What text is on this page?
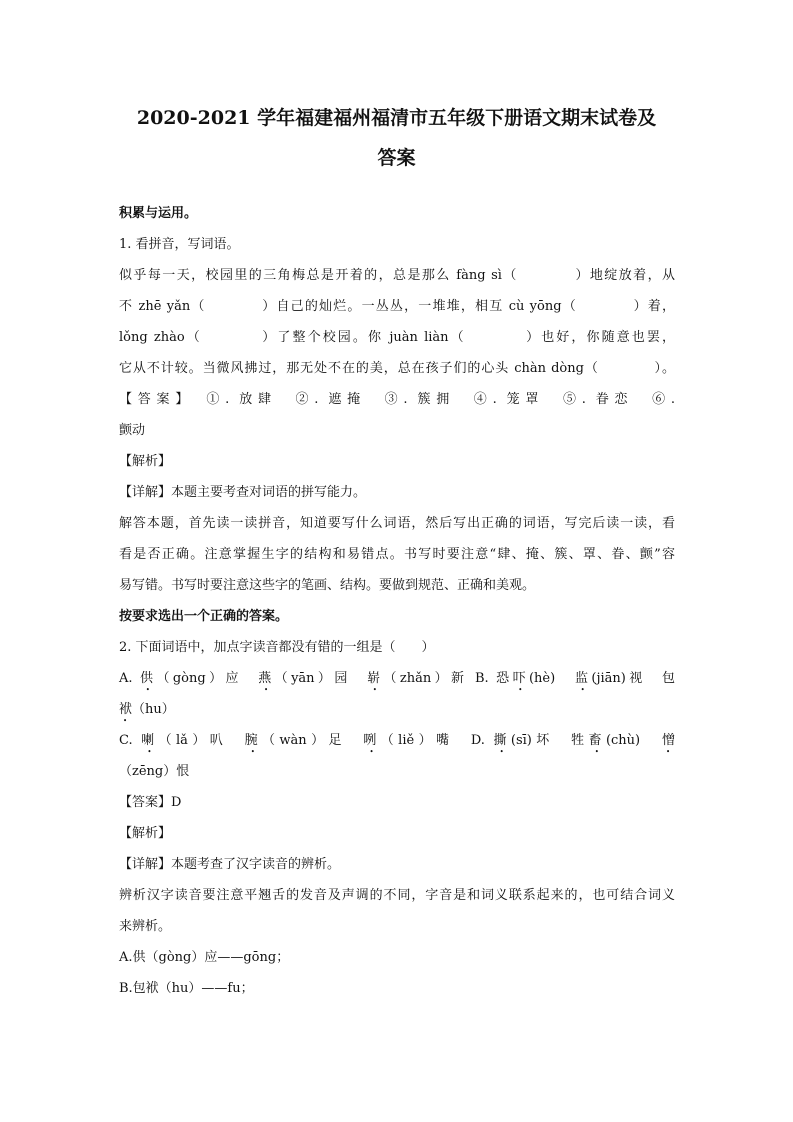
2020-2021 学年福建福州福清市五年级下册语文期末试卷及
答案
积累与运用。
1. 看拼音，写词语。
似乎每一天，校园里的三角梅总是开着的，总是那么 fàng sì（　　　　）地绽放着，从
不 zhē yǎn（　　　　）自己的灿烂。一丛丛，一堆堆，相互 cù yōng（　　　　）着，
lǒng zhào（　　　　）了整个校园。你 juàn liàn（　　　　）也好，你随意也罢，
它从不计较。当微风拂过，那无处不在的美，总在孩子们的心头 chàn dòng（　　　　）。
【答案】　①. 放肆　②. 遮掩　③. 簇拥　④. 笼罩　⑤. 眷恋　⑥.
颤动
【解析】
【详解】本题主要考查对词语的拼写能力。
解答本题，首先读一读拼音，知道要写什么词语，然后写出正确的词语，写完后读一读，看
看是否正确。注意掌握生字的结构和易错点。书写时要注意“肆、掩、簇、罩、眷、颤”容
易写错。书写时要注意这些字的笔画、结构。要做到规范、正确和美观。
按要求选出一个正确的答案。
2. 下面词语中，加点字读音都没有错的一组是（　　）
A. 供（gòng）应　燕（yān）园　崭（zhǎn）新 B. 恐吓(hè)　监(jiān)视　包
袱（hu）
C. 喇（lǎ）叭　腕（wàn）足　咧（liě）嘴　D. 撕(sī)坏　牲畜(chù)　憎
（zēng）恨
【答案】D
【解析】
【详解】本题考查了汉字读音的辨析。
辨析汉字读音要注意平翘舌的发音及声调的不同，字音是和词义联系起来的，也可结合词义
来辨析。
A.供（gòng）应——gōng；
B.包袱（hu）——fu；
